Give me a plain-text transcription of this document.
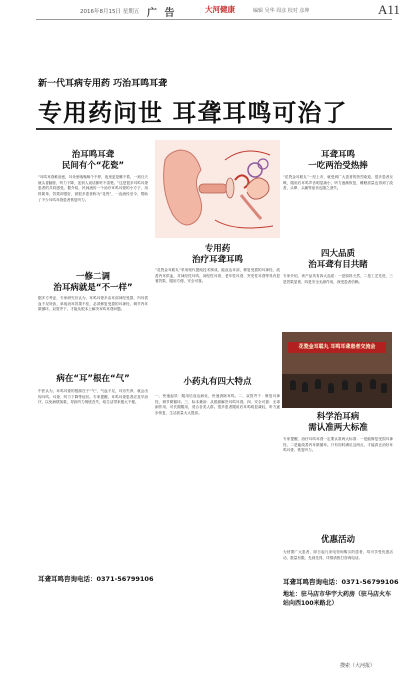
2016年8月15日 星期五 广 告	大河健康	编辑 吴华 周彦 校对 彦坤	A11
新一代耳病专用药 巧治耳鸣耳聋
专用药问世 耳聋耳鸣可治了
治耳鸣耳聋
民间有个“花瓷”
“耳鸣耳聋难治愈，耳朵里嗡嗡响个不停，夜里更是睡不着，一到白天就头昏脑胀，听力下降，连别人说话都听不清楚。”这是很多耳鸣耳聋患者的共同感受。据介绍，民间流传一个治疗耳鸣耳聋的小方子，用料简单，效果却很好，被很多患者称为“花瓷”，一直流传至今，帮助了不少耳鸣耳聋患者恢复听力。
一修二调
治耳病就是“不一样”
据多方考证，专家研究后认为，耳鸣耳聋多由耳部神经受损、内耳供血不足所致，单纯治耳效果不佳，必须修复受损的耳神经，调节内耳微循环，双管齐下，才能从根本上解决耳鸣耳聋问题。
病在“耳”根在“气”
中医认为，耳鸣耳聋的根源在于“气”，气血不足，耳窍失养，就会出现耳鸣、耳聋、听力下降等症状。专家提醒，耳鸣耳聋患者应及早治疗，以免病情加重，导致听力彻底丧失，给生活带来极大不便。
专用药
治疗耳聋耳鸣
“花瓷金耳聪丸”采用现代提纯技术制成，能直达耳部，修复受损的耳神经，改善内耳供血，对神经性耳鸣、神经性耳聋、老年性耳聋、突发性耳聋等具有显著效果，服用方便，安全可靠。
小药丸有四大特点
一、快速起效：服用后直达病灶，快速消除耳鸣。二、双管齐下：修复耳神经，调节微循环。三、标本兼治：从根源解决耳鸣耳聋。四、安全可靠：无毒副作用，可长期服用，适合各类人群。很多患者服用后耳鸣明显减轻，听力逐步恢复，生活质量大大提高。
耳聋耳鸣
一吃两治受热捧
“花瓷金耳聪丸”一经上市，就受到广大患者的热烈欢迎，很多患者反映，服用后耳鸣声音明显减小，听力逐渐恢复，睡眠质量也得到了改善，头晕、头痛等症状也随之消失。
四大品质
治耳聋有目共睹
专家介绍，该产品具有四大品质：一是原料天然，二是工艺先进，三是效果显著，四是安全无副作用，深受患者信赖。
花瓷金耳聪丸 耳鸣耳聋患者交流会
科学治耳病
需认准两大标准
专家提醒，治疗耳鸣耳聋一定要认准两大标准：一是能修复受损耳神经，二是能改善内耳微循环。只有同时满足这两点，才能真正治好耳鸣耳聋，恢复听力。
优惠活动
为回馈广大患者，即日起凡来电咨询购买的患者，均可享受优惠活动，数量有限，先到先得，详情请拨打咨询电话。
耳聋耳鸣咨询电话：0371-56799106	耳聋耳鸣咨询电话：0371-56799106
地址：驻马店市华宇大药房（驻马店火车站向西100米路北）
搜索（大河报）
